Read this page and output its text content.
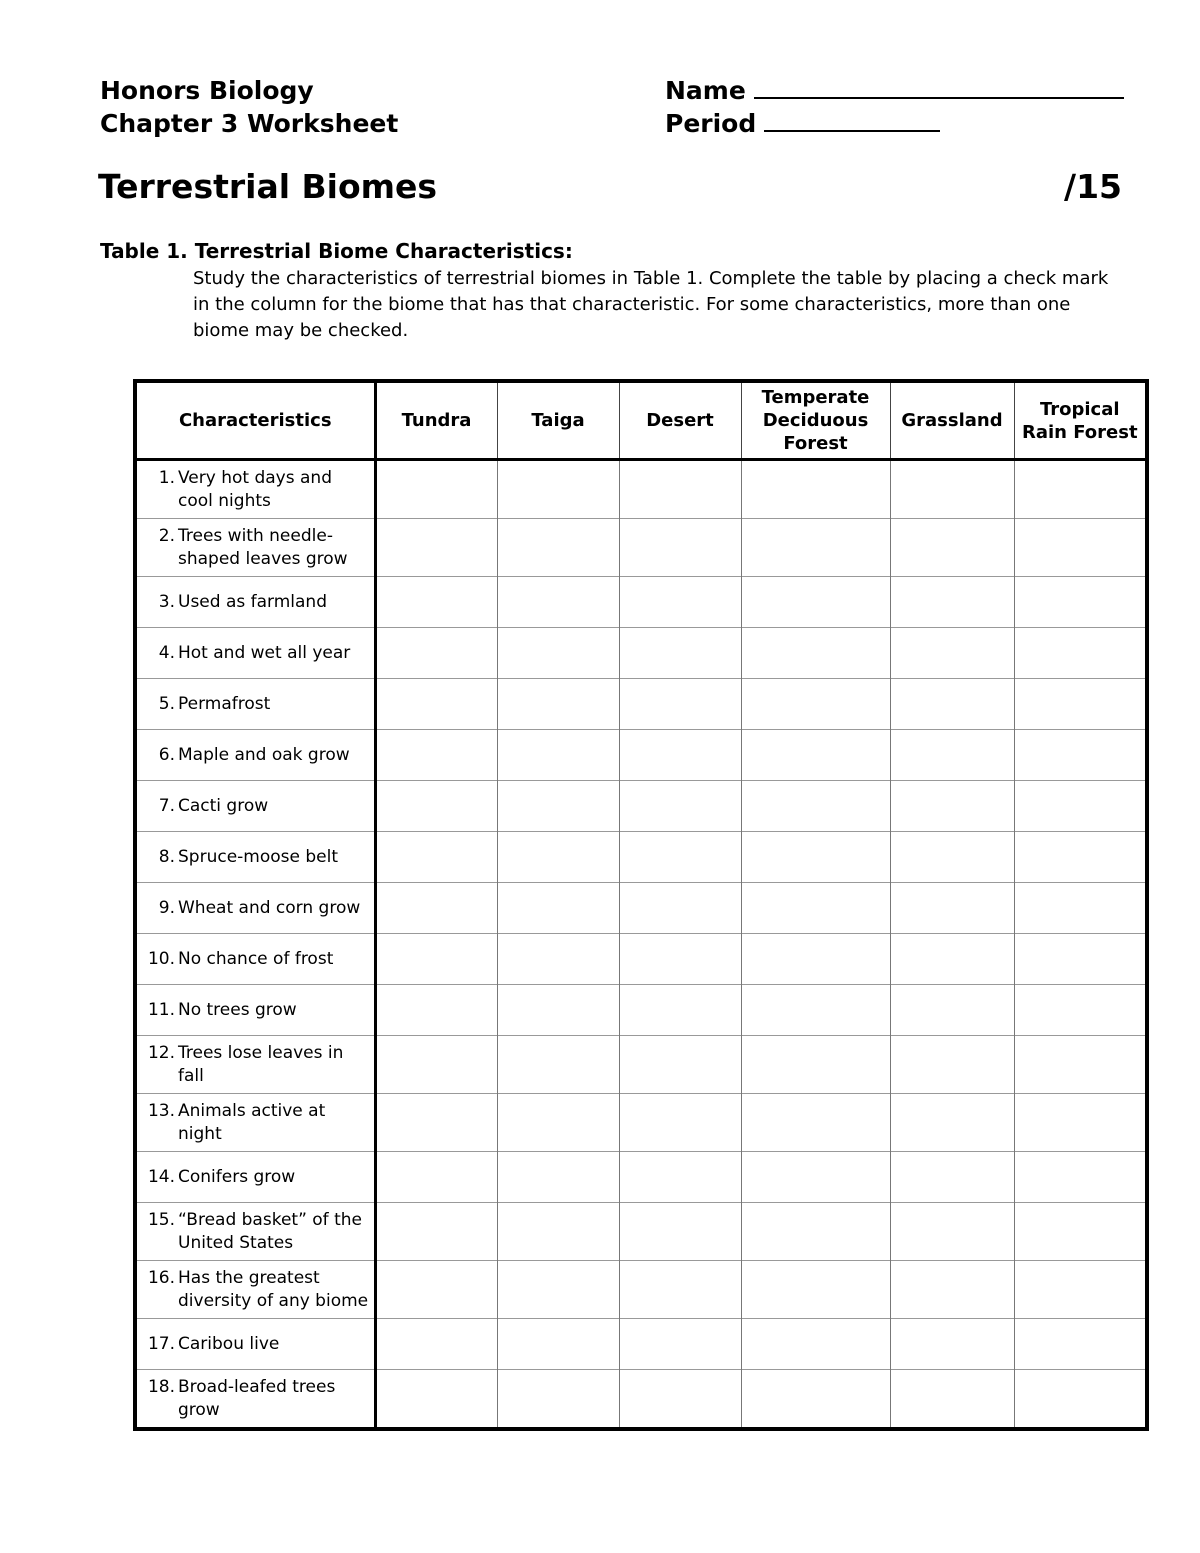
Honors Biology
Chapter 3 Worksheet
Name
Period
Terrestrial Biomes	/15
Table 1. Terrestrial Biome Characteristics:
Study the characteristics of terrestrial biomes in Table 1. Complete the table by placing a check mark in the column for the biome that has that characteristic. For some characteristics, more than one biome may be checked.
Characteristics	Tundra	Taiga	Desert	Temperate Deciduous Forest	Grassland	Tropical Rain Forest

1. Very hot days and cool nights						

2. Trees with needle-shaped leaves grow						

3. Used as farmland						

4. Hot and wet all year						

5. Permafrost						

6. Maple and oak grow						

7. Cacti grow						

8. Spruce-moose belt						

9. Wheat and corn grow						

10. No chance of frost						

11. No trees grow						

12. Trees lose leaves in fall						

13. Animals active at night						

14. Conifers grow						

15. “Bread basket” of the United States						

16. Has the greatest diversity of any biome						

17. Caribou live						

18. Broad-leafed trees grow						
